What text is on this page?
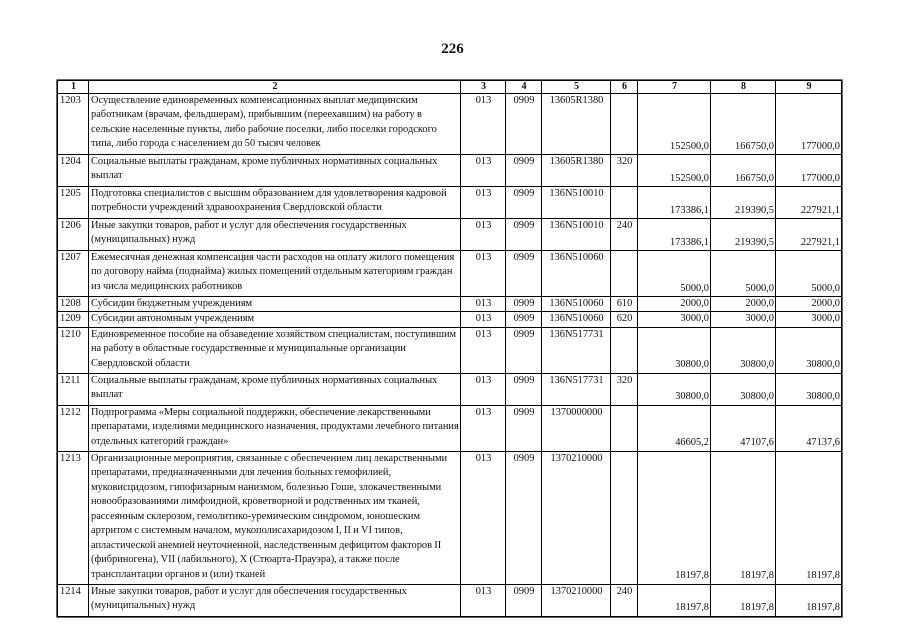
226
1	2	3	4	5	6	7	8	9
1203	Осуществление единовременных компенсационных выплат медицинским работникам (врачам, фельдшерам), прибывшим (переехавшим) на работу в сельские населенные пункты, либо рабочие поселки, либо поселки городского типа, либо города с населением до 50 тысяч человек	013	0909	13605R1380		152500,0	166750,0	177000,0
1204	Социальные выплаты гражданам, кроме публичных нормативных социальных выплат	013	0909	13605R1380	320	152500,0	166750,0	177000,0
1205	Подготовка специалистов с высшим образованием для удовлетворения кадровой потребности учреждений здравоохранения Свердловской области	013	0909	136N510010		173386,1	219390,5	227921,1
1206	Иные закупки товаров, работ и услуг для обеспечения государственных (муниципальных) нужд	013	0909	136N510010	240	173386,1	219390,5	227921,1
1207	Ежемесячная денежная компенсация части расходов на оплату жилого помещения по договору найма (поднайма) жилых помещений отдельным категориям граждан из числа медицинских работников	013	0909	136N510060		5000,0	5000,0	5000,0
1208	Субсидии бюджетным учреждениям	013	0909	136N510060	610	2000,0	2000,0	2000,0
1209	Субсидии автономным учреждениям	013	0909	136N510060	620	3000,0	3000,0	3000,0
1210	Единовременное пособие на обзаведение хозяйством специалистам, поступившим на работу в областные государственные и муниципальные организации Свердловской области	013	0909	136N517731		30800,0	30800,0	30800,0
1211	Социальные выплаты гражданам, кроме публичных нормативных социальных выплат	013	0909	136N517731	320	30800,0	30800,0	30800,0
1212	Подпрограмма «Меры социальной поддержки, обеспечение лекарственными препаратами, изделиями медицинского назначения, продуктами лечебного питания отдельных категорий граждан»	013	0909	1370000000		46605,2	47107,6	47137,6
1213	Организационные мероприятия, связанные с обеспечением лиц лекарственными препаратами, предназначенными для лечения больных гемофилией, муковисцидозом, гипофизарным нанизмом, болезнью Гоше, злокачественными новообразованиями лимфоидной, кроветворной и родственных им тканей, рассеянным склерозом, гемолитико-уремическим синдромом, юношеским артритом с системным началом, мукополисахаридозом I, II и VI типов, апластической анемией неуточненной, наследственным дефицитом факторов II (фибриногена), VII (лабильного), X (Стюарта-Прауэра), а также после трансплантации органов и (или) тканей	013	0909	1370210000		18197,8	18197,8	18197,8
1214	Иные закупки товаров, работ и услуг для обеспечения государственных (муниципальных) нужд	013	0909	1370210000	240	18197,8	18197,8	18197,8
